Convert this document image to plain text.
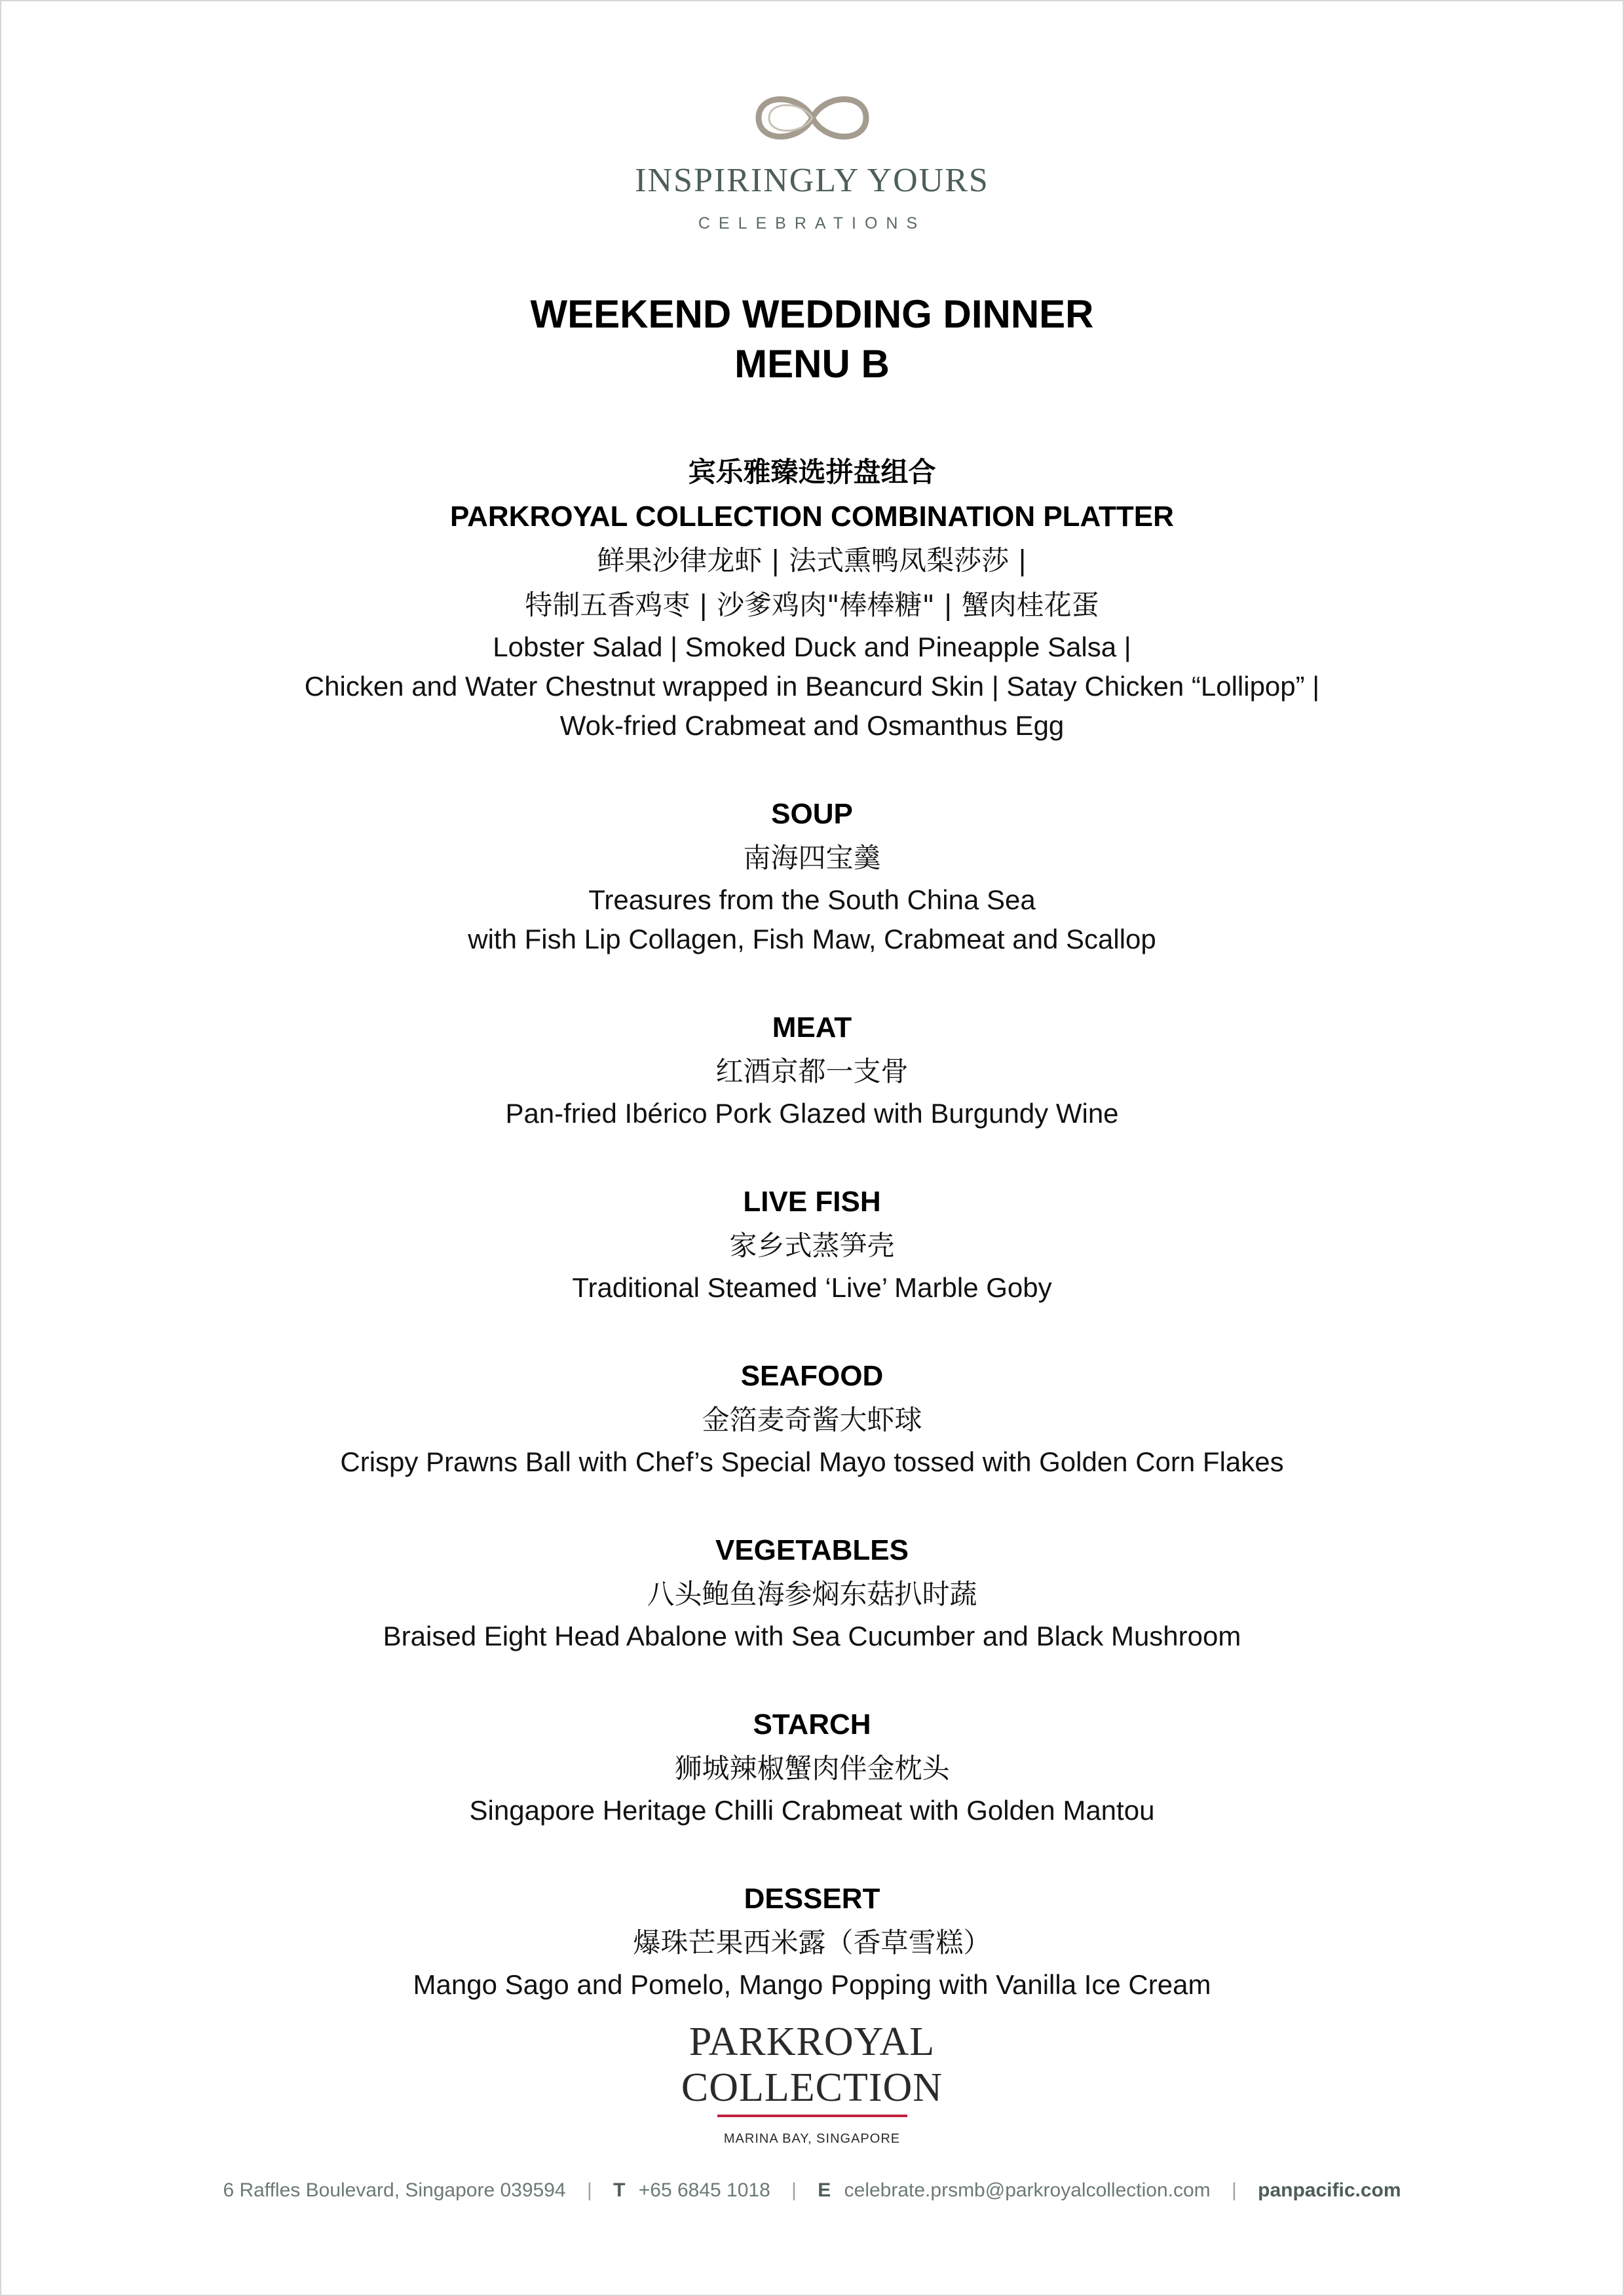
INSPIRINGLY YOURS
CELEBRATIONS
WEEKEND WEDDING DINNER
MENU B
宾乐雅臻选拼盘组合
PARKROYAL COLLECTION COMBINATION PLATTER
鲜果沙律龙虾 | 法式熏鸭凤梨莎莎 |
特制五香鸡枣 | 沙爹鸡肉"棒棒糖" | 蟹肉桂花蛋
Lobster Salad | Smoked Duck and Pineapple Salsa |
Chicken and Water Chestnut wrapped in Beancurd Skin | Satay Chicken “Lollipop” |
Wok-fried Crabmeat and Osmanthus Egg
SOUP
南海四宝羹
Treasures from the South China Sea
with Fish Lip Collagen, Fish Maw, Crabmeat and Scallop
MEAT
红酒京都一支骨
Pan-fried Ibérico Pork Glazed with Burgundy Wine
LIVE FISH
家乡式蒸笋壳
Traditional Steamed ‘Live’ Marble Goby
SEAFOOD
金箔麦奇酱大虾球
Crispy Prawns Ball with Chef’s Special Mayo tossed with Golden Corn Flakes
VEGETABLES
八头鲍鱼海参焖东菇扒时蔬
Braised Eight Head Abalone with Sea Cucumber and Black Mushroom
STARCH
狮城辣椒蟹肉伴金枕头
Singapore Heritage Chilli Crabmeat with Golden Mantou
DESSERT
爆珠芒果西米露（香草雪糕）
Mango Sago and Pomelo, Mango Popping with Vanilla Ice Cream
PARKROYAL
COLLECTION
MARINA BAY, SINGAPORE
6 Raffles Boulevard, Singapore 039594 | T +65 6845 1018 | E celebrate.prsmb@parkroyalcollection.com | panpacific.com
